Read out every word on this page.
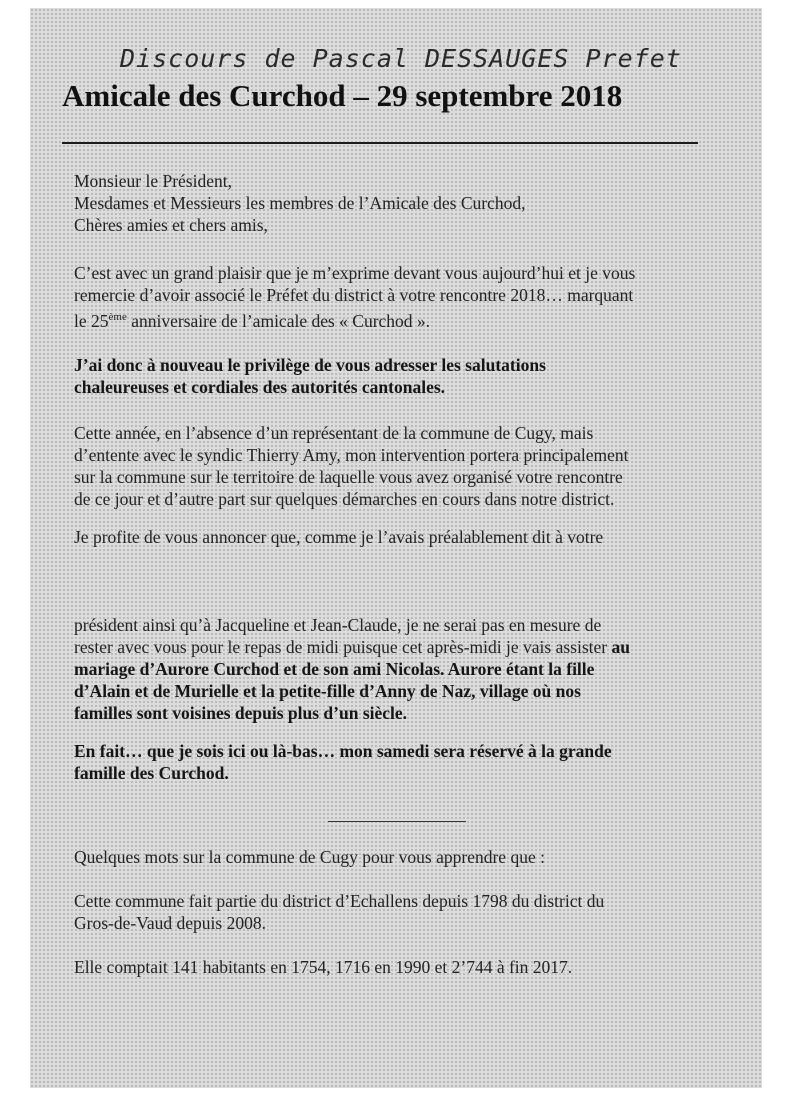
Discours de Pascal DESSAUGES Prefet
Amicale des Curchod – 29 septembre 2018

Monsieur le Président,
Mesdames et Messieurs les membres de l’Amicale des Curchod,
Chères amies et chers amis,

C’est avec un grand plaisir que je m’exprime devant vous aujourd’hui et je vous
remercie d’avoir associé le Préfet du district à votre rencontre 2018… marquant
le 25ème anniversaire de l’amicale des « Curchod ».

J’ai donc à nouveau le privilège de vous adresser les salutations
chaleureuses et cordiales des autorités cantonales.

Cette année, en l’absence d’un représentant de la commune de Cugy, mais
d’entente avec le syndic Thierry Amy, mon intervention portera principalement
sur la commune sur le territoire de laquelle vous avez organisé votre rencontre
de ce jour et d’autre part sur quelques démarches en cours dans notre district.

Je profite de vous annoncer que, comme je l’avais préalablement dit à votre

président ainsi qu’à Jacqueline et Jean-Claude, je ne serai pas en mesure de
rester avec vous pour le repas de midi puisque cet après-midi je vais assister au
mariage d’Aurore Curchod et de son ami Nicolas. Aurore étant la fille
d’Alain et de Murielle et la petite-fille d’Anny de Naz, village où nos
familles sont voisines depuis plus d’un siècle.

En fait… que je sois ici ou là-bas… mon samedi sera réservé à la grande
famille des Curchod.

Quelques mots sur la commune de Cugy pour vous apprendre que :

Cette commune fait partie du district d’Echallens depuis 1798 du district du
Gros-de-Vaud depuis 2008.

Elle comptait 141 habitants en 1754, 1716 en 1990 et 2’744 à fin 2017.
